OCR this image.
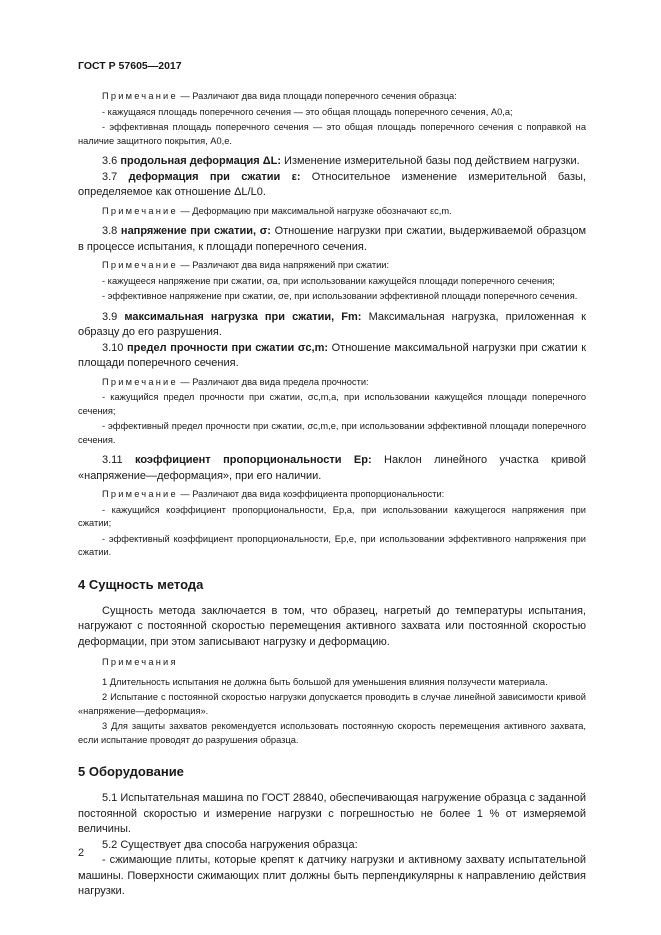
ГОСТ Р 57605—2017

Примечание — Различают два вида площади поперечного сечения образца:

- кажущаяся площадь поперечного сечения — это общая площадь поперечного сечения, A0,a;

- эффективная площадь поперечного сечения — это общая площадь поперечного сечения с поправкой на наличие защитного покрытия, A0,e.

3.6 продольная деформация ΔL: Изменение измерительной базы под действием нагрузки.

3.7 деформация при сжатии ε: Относительное изменение измерительной базы, определяемое как отношение ΔL/L0.

Примечание — Деформацию при максимальной нагрузке обозначают εc,m.

3.8 напряжение при сжатии, σ: Отношение нагрузки при сжатии, выдерживаемой образцом в процессе испытания, к площади поперечного сечения.

Примечание — Различают два вида напряжений при сжатии:

- кажущееся напряжение при сжатии, σa, при использовании кажущейся площади поперечного сечения;

- эффективное напряжение при сжатии, σe, при использовании эффективной площади поперечного сечения.

3.9 максимальная нагрузка при сжатии, Fm: Максимальная нагрузка, приложенная к образцу до его разрушения.

3.10 предел прочности при сжатии σc,m: Отношение максимальной нагрузки при сжатии к площади поперечного сечения.

Примечание — Различают два вида предела прочности:

- кажущийся предел прочности при сжатии, σc,m,a, при использовании кажущейся площади поперечного сечения;

- эффективный предел прочности при сжатии, σc,m,e, при использовании эффективной площади поперечного сечения.

3.11 коэффициент пропорциональности Ep: Наклон линейного участка кривой «напряжение—деформация», при его наличии.

Примечание — Различают два вида коэффициента пропорциональности:

- кажущийся коэффициент пропорциональности, Ep,a, при использовании кажущегося напряжения при сжатии;

- эффективный коэффициент пропорциональности, Ep,e, при использовании эффективного напряжения при сжатии.

4 Сущность метода

Сущность метода заключается в том, что образец, нагретый до температуры испытания, нагружают с постоянной скоростью перемещения активного захвата или постоянной скоростью деформации, при этом записывают нагрузку и деформацию.

Примечания

1 Длительность испытания не должна быть большой для уменьшения влияния ползучести материала.

2 Испытание с постоянной скоростью нагрузки допускается проводить в случае линейной зависимости кривой «напряжение—деформация».

3 Для защиты захватов рекомендуется использовать постоянную скорость перемещения активного захвата, если испытание проводят до разрушения образца.

5 Оборудование

5.1 Испытательная машина по ГОСТ 28840, обеспечивающая нагружение образца с заданной постоянной скоростью и измерение нагрузки с погрешностью не более 1 % от измеряемой величины.

5.2 Существует два способа нагружения образца:

- сжимающие плиты, которые крепят к датчику нагрузки и активному захвату испытательной машины. Поверхности сжимающих плит должны быть перпендикулярны к направлению действия нагрузки.

2
